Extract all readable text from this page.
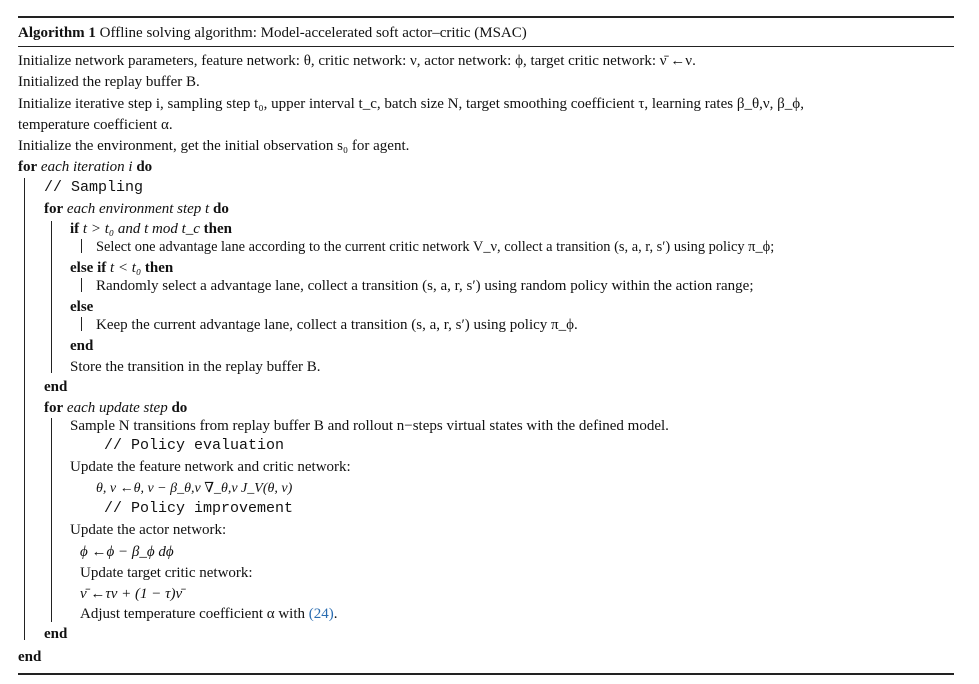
Algorithm 1 Offline solving algorithm: Model-accelerated soft actor–critic (MSAC)
Initialize network parameters, feature network: θ, critic network: ν, actor network: ϕ, target critic network: ν̄ ←ν.
Initialized the replay buffer B.
Initialize iterative step i, sampling step t₀, upper interval t_c, batch size N, target smoothing coefficient τ, learning rates β_θ,ν, β_ϕ,
temperature coefficient α.
Initialize the environment, get the initial observation s₀ for agent.
for each iteration i do
// Sampling
for each environment step t do
if t > t₀ and t mod t_c then
Select one advantage lane according to the current critic network V_ν, collect a transition (s, a, r, s′) using policy π_ϕ;
else if t < t₀ then
Randomly select a advantage lane, collect a transition (s, a, r, s′) using random policy within the action range;
else
Keep the current advantage lane, collect a transition (s, a, r, s′) using policy π_ϕ.
end
Store the transition in the replay buffer B.
end
for each update step do
Sample N transitions from replay buffer B and rollout n−steps virtual states with the defined model.
// Policy evaluation
Update the feature network and critic network:
θ, ν ←θ, ν − β_θ,ν ∇_θ,ν J_V(θ, ν)
// Policy improvement
Update the actor network:
ϕ ←ϕ − β_ϕ dϕ
Update target critic network:
ν̄ ←τν + (1 − τ)ν̄
Adjust temperature coefficient α with (24).
end
end
